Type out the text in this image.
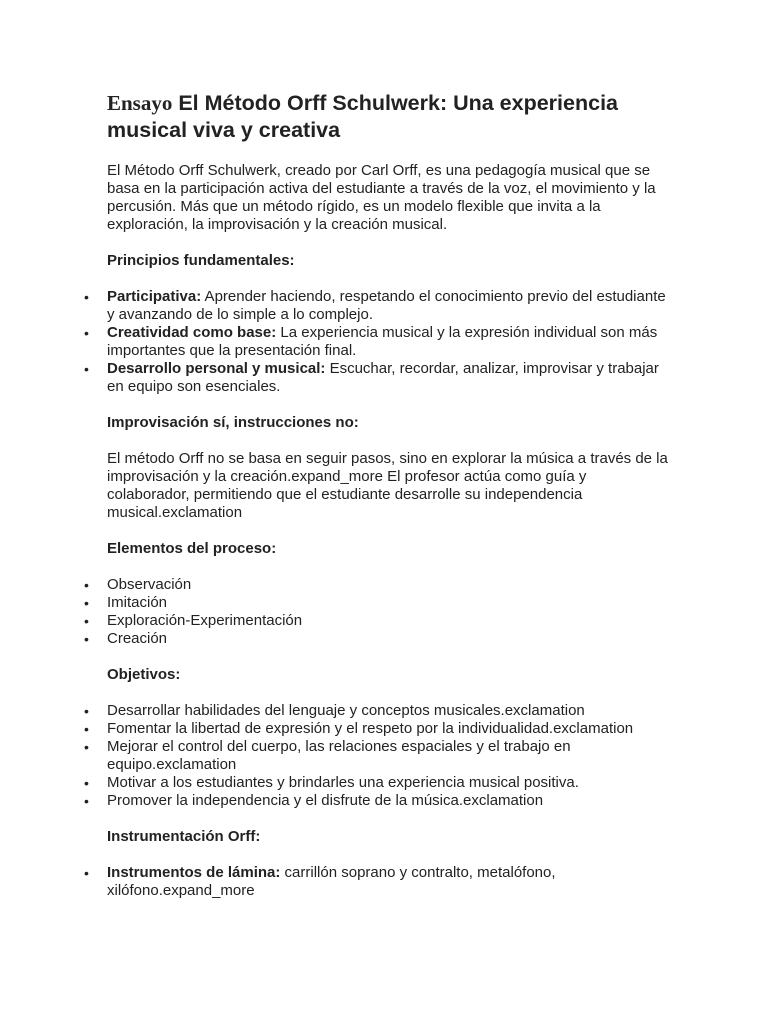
Ensayo El Método Orff Schulwerk: Una experiencia musical viva y creativa

El Método Orff Schulwerk, creado por Carl Orff, es una pedagogía musical que se basa en la participación activa del estudiante a través de la voz, el movimiento y la percusión. Más que un método rígido, es un modelo flexible que invita a la exploración, la improvisación y la creación musical.

Principios fundamentales:

• Participativa: Aprender haciendo, respetando el conocimiento previo del estudiante y avanzando de lo simple a lo complejo.
• Creatividad como base: La experiencia musical y la expresión individual son más importantes que la presentación final.
• Desarrollo personal y musical: Escuchar, recordar, analizar, improvisar y trabajar en equipo son esenciales.

Improvisación sí, instrucciones no:

El método Orff no se basa en seguir pasos, sino en explorar la música a través de la improvisación y la creación.expand_more El profesor actúa como guía y colaborador, permitiendo que el estudiante desarrolle su independencia musical.exclamation

Elementos del proceso:

• Observación
• Imitación
• Exploración-Experimentación
• Creación

Objetivos:

• Desarrollar habilidades del lenguaje y conceptos musicales.exclamation
• Fomentar la libertad de expresión y el respeto por la individualidad.exclamation
• Mejorar el control del cuerpo, las relaciones espaciales y el trabajo en equipo.exclamation
• Motivar a los estudiantes y brindarles una experiencia musical positiva.
• Promover la independencia y el disfrute de la música.exclamation

Instrumentación Orff:

• Instrumentos de lámina: carrillón soprano y contralto, metalófono, xilófono.expand_more
